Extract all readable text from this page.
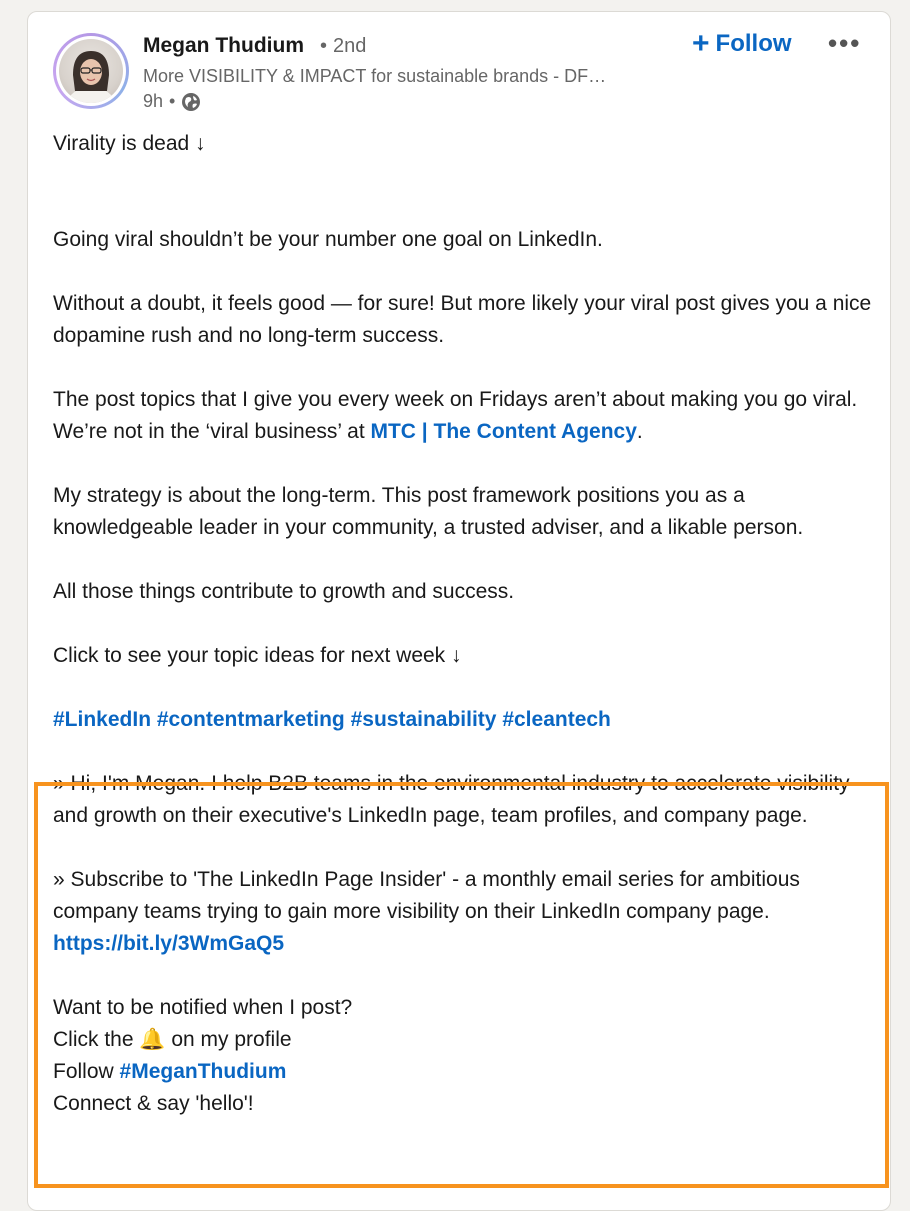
Megan Thudium • 2nd
More VISIBILITY & IMPACT for sustainable brands - DF…
9h •
+ Follow •••

Virality is dead ↓

Going viral shouldn’t be your number one goal on LinkedIn.

Without a doubt, it feels good — for sure! But more likely your viral post gives you a nice dopamine rush and no long-term success.

The post topics that I give you every week on Fridays aren’t about making you go viral. We’re not in the ‘viral business’ at MTC | The Content Agency.

My strategy is about the long-term. This post framework positions you as a knowledgeable leader in your community, a trusted adviser, and a likable person.

All those things contribute to growth and success.

Click to see your topic ideas for next week ↓

#LinkedIn #contentmarketing #sustainability #cleantech

» Hi, I'm Megan. I help B2B teams in the environmental industry to accelerate visibility and growth on their executive's LinkedIn page, team profiles, and company page.

» Subscribe to 'The LinkedIn Page Insider' - a monthly email series for ambitious company teams trying to gain more visibility on their LinkedIn company page. https://bit.ly/3WmGaQ5

Want to be notified when I post?

Click the 🔔 on my profile

Follow #MeganThudium

Connect & say 'hello'!
